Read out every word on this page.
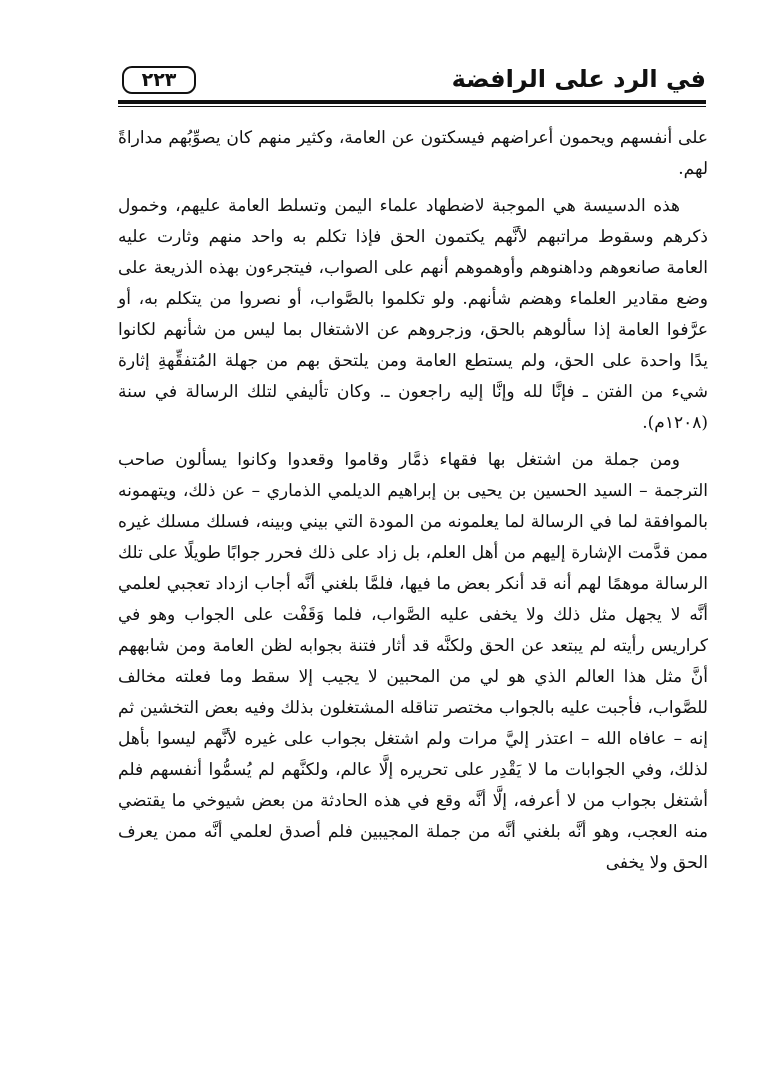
٢٢٣	في الرد على الرافضة

على أنفسهم ويحمون أعراضهم فيسكتون عن العامة، وكثير منهم كان يصوِّبُهم مداراةً لهم.

هذه الدسيسة هي الموجبة لاضطهاد علماء اليمن وتسلط العامة عليهم، وخمول ذكرهم وسقوط مراتبهم لأنَّهم يكتمون الحق فإذا تكلم به واحد منهم وثارت عليه العامة صانعوهم وداهنوهم وأوهموهم أنهم على الصواب، فيتجرءون بهذه الذريعة على وضع مقادير العلماء وهضم شأنهم. ولو تكلموا بالصَّواب، أو نصروا من يتكلم به، أو عرَّفوا العامة إذا سألوهم بالحق، وزجروهم عن الاشتغال بما ليس من شأنهم لكانوا يدًا واحدة على الحق، ولم يستطع العامة ومن يلتحق بهم من جهلة المُتفقِّهةِ إثارة شيء من الفتن ـ فإنَّا لله وإنَّا إليه راجعون ـ. وكان تأليفي لتلك الرسالة في سنة (١٢٠٨م).

ومن جملة من اشتغل بها فقهاء ذمَّار وقاموا وقعدوا وكانوا يسألون صاحب الترجمة – السيد الحسين بن يحيى بن إبراهيم الديلمي الذماري – عن ذلك، ويتهمونه بالموافقة لما في الرسالة لما يعلمونه من المودة التي بيني وبينه، فسلك مسلك غيره ممن قدَّمت الإشارة إليهم من أهل العلم، بل زاد على ذلك فحرر جوابًا طويلًا على تلك الرسالة موهمًا لهم أنه قد أنكر بعض ما فيها، فلمَّا بلغني أنَّه أجاب ازداد تعجبي لعلمي أنَّه لا يجهل مثل ذلك ولا يخفى عليه الصَّواب، فلما وَقَفْت على الجواب وهو في كراريس رأيته لم يبتعد عن الحق ولكنَّه قد أثار فتنة بجوابه لظن العامة ومن شابههم أنَّ مثل هذا العالم الذي هو لي من المحبين لا يجيب إلا سقط وما فعلته مخالف للصَّواب، فأجبت عليه بالجواب مختصر تناقله المشتغلون بذلك وفيه بعض التخشين ثم إنه – عافاه الله – اعتذر إليَّ مرات ولم اشتغل بجواب على غيره لأنَّهم ليسوا بأهل لذلك، وفي الجوابات ما لا يَقْدِر على تحريره إلَّا عالم، ولكنَّهم لم يُسمُّوا أنفسهم فلم أشتغل بجواب من لا أعرفه، إلَّا أنَّه وقع في هذه الحادثة من بعض شيوخي ما يقتضي منه العجب، وهو أنَّه بلغني أنَّه من جملة المجيبين فلم أصدق لعلمي أنَّه ممن يعرف الحق ولا يخفى
